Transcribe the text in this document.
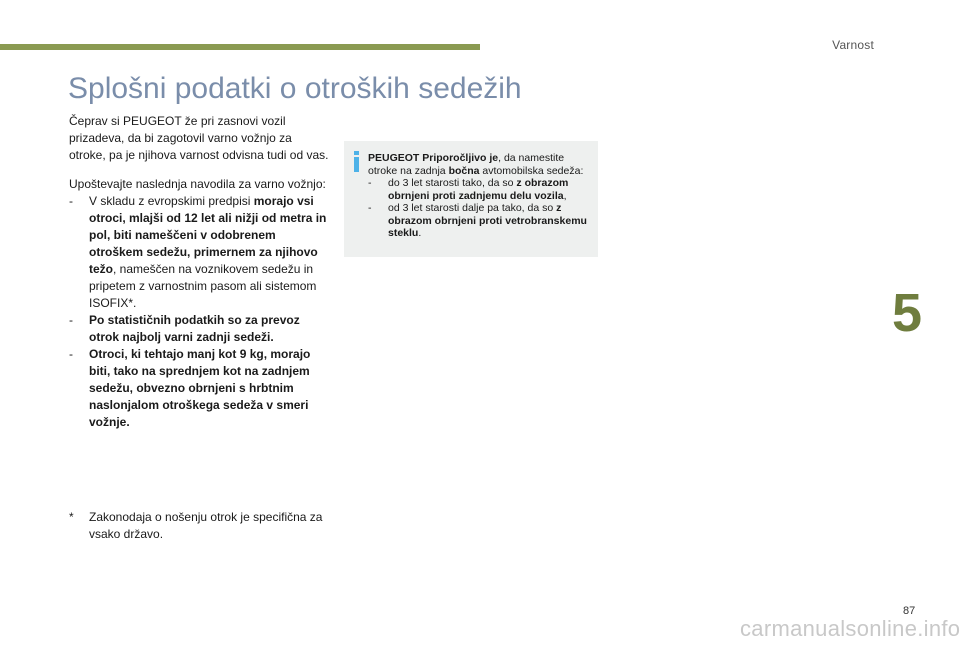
Varnost
5
Splošni podatki o otroških sedežih

Čeprav si PEUGEOT že pri zasnovi vozil prizadeva, da bi zagotovil varno vožnjo za otroke, pa je njihova varnost odvisna tudi od vas.

Upoštevajte naslednja navodila za varno vožnjo:

- V skladu z evropskimi predpisi morajo vsi otroci, mlajši od 12 let ali nižji od metra in pol, biti nameščeni v odobrenem otroškem sedežu, primernem za njihovo težo, nameščen na voznikovem sedežu in pripetem z varnostnim pasom ali sistemom ISOFIX*.
- Po statističnih podatkih so za prevoz otrok najbolj varni zadnji sedeži.
- Otroci, ki tehtajo manj kot 9 kg, morajo biti, tako na sprednjem kot na zadnjem sedežu, obvezno obrnjeni s hrbtnim naslonjalom otroškega sedeža v smeri vožnje.
* Zakonodaja o nošenju otrok je specifična za vsako državo.
PEUGEOT Priporočljivo je, da namestite otroke na zadnja bočna avtomobilska sedeža:
- do 3 let starosti tako, da so z obrazom obrnjeni proti zadnjemu delu vozila,
- od 3 let starosti dalje pa tako, da so z obrazom obrnjeni proti vetrobranskemu steklu.
87
carmanualsonline.info
